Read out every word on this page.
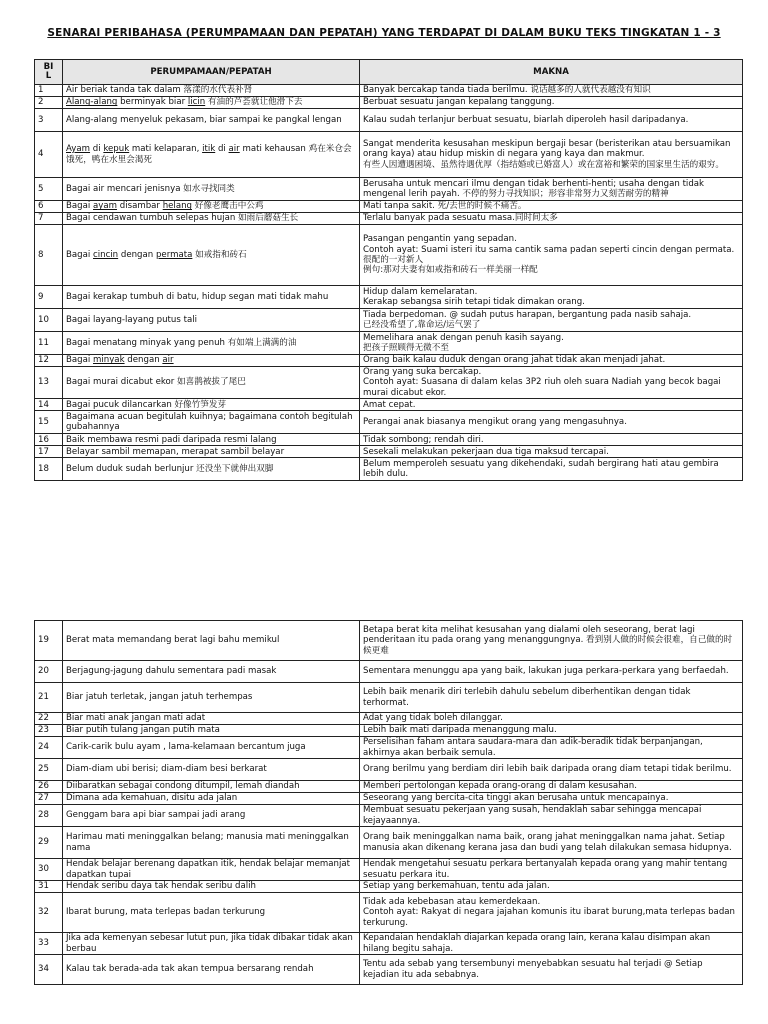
SENARAI PERIBAHASA (PERUMPAMAAN DAN PEPATAH) YANG TERDAPAT DI DALAM BUKU TEKS TINGKATAN 1 - 3
BI
L	PERUMPAMAAN/PEPATAH	MAKNA
1	Air beriak tanda tak dalam 落漾的水代表补肾	Banyak bercakap tanda tiada berilmu. 说话越多的人就代表越没有知识

2	Alang-alang berminyak biar licin 有油的芦荟就让他滑下去	Berbuat sesuatu jangan kepalang tanggung.

3	Alang-alang menyeluk pekasam, biar sampai ke pangkal lengan	Kalau sudah terlanjur berbuat sesuatu, biarlah diperoleh hasil daripadanya.

4	Ayam di kepuk mati kelaparan, itik di air mati kehausan 鸡在米仓会饿死，鸭在水里会渴死	Sangat menderita kesusahan meskipun bergaji besar (beristerikan atau bersuamikan orang kaya) atau hidup miskin di negara yang kaya dan makmur.
有些人因遭遇困境、虽然待遇优厚（指结婚或已婚富人）或在富裕和繁荣的国家里生活的艰穷。

5	Bagai air mencari jenisnya 如水寻找同类	Berusaha untuk mencari ilmu dengan tidak berhenti-henti; usaha dengan tidak mengenal lerih payah. 不停的努力寻找知识；形容非常努力又刻苦耐劳的精神

6	Bagai ayam disambar helang 好像老鹰击中公鸡	Mati tanpa sakit. 死/去世的时候不痛苦。

7	Bagai cendawan tumbuh selepas hujan 如雨后蘑菇生长	Terlalu banyak pada sesuatu masa.同时间太多

8	Bagai cincin dengan permata 如戒指和砖石	Pasangan pengantin yang sepadan.
Contoh ayat: Suami isteri itu sama cantik sama padan seperti cincin dengan permata.
很配的一对新人
例句:那对夫妻有如戒指和砖石一样美丽一样配

9	Bagai kerakap tumbuh di batu, hidup segan mati tidak mahu	Hidup dalam kemelaratan.
Kerakap sebangsa sirih tetapi tidak dimakan orang.

10	Bagai layang-layang putus tali	Tiada berpedoman. @ sudah putus harapan, bergantung pada nasib sahaja.
已经没希望了,靠命运/运气罢了

11	Bagai menatang minyak yang penuh 有如端上满满的油	Memelihara anak dengan penuh kasih sayang.
把孩子照顾得无微不至

12	Bagai minyak dengan air	Orang baik kalau duduk dengan orang jahat tidak akan menjadi jahat.

13	Bagai murai dicabut ekor 如喜鹊被拔了尾巴	Orang yang suka bercakap.
Contoh ayat: Suasana di dalam kelas 3P2 riuh oleh suara Nadiah yang becok bagai murai dicabut ekor.

14	Bagai pucuk dilancarkan 好像竹笋发芽	Amat cepat.

15	Bagaimana acuan begitulah kuihnya; bagaimana contoh begitulah gubahannya	Perangai anak biasanya mengikut orang yang mengasuhnya.

16	Baik membawa resmi padi daripada resmi lalang	Tidak sombong; rendah diri.

17	Belayar sambil memapan, merapat sambil belayar	Sesekali melakukan pekerjaan dua tiga maksud tercapai.

18	Belum duduk sudah berlunjur 还没坐下就伸出双脚	Belum memperoleh sesuatu yang dikehendaki, sudah bergirang hati atau gembira lebih dulu.
19	Berat mata memandang berat lagi bahu memikul	Betapa berat kita melihat kesusahan yang dialami oleh seseorang, berat lagi penderitaan itu pada orang yang menanggungnya. 看到别人做的时候会很难，自己做的时候更难

20	Berjagung-jagung dahulu sementara padi masak	Sementara menunggu apa yang baik, lakukan juga perkara-perkara yang berfaedah.

21	Biar jatuh terletak, jangan jatuh terhempas	Lebih baik menarik diri terlebih dahulu sebelum diberhentikan dengan tidak terhormat.

22	Biar mati anak jangan mati adat	Adat yang tidak boleh dilanggar.

23	Biar putih tulang jangan putih mata	Lebih baik mati daripada menanggung malu.

24	Carik-carik bulu ayam , lama-kelamaan bercantum juga	Perselisihan faham antara saudara-mara dan adik-beradik tidak berpanjangan, akhirnya akan berbaik semula.

25	Diam-diam ubi berisi; diam-diam besi berkarat	Orang berilmu yang berdiam diri lebih baik daripada orang diam tetapi tidak berilmu.

26	Diibaratkan sebagai condong ditumpil, lemah diandah	Memberi pertolongan kepada orang-orang di dalam kesusahan.

27	Dimana ada kemahuan, disitu ada jalan	Seseorang yang bercita-cita tinggi akan berusaha untuk mencapainya.

28	Genggam bara api biar sampai jadi arang	Membuat sesuatu pekerjaan yang susah, hendaklah sabar sehingga mencapai kejayaannya.

29	Harimau mati meninggalkan belang; manusia mati meninggalkan nama	Orang baik meninggalkan nama baik, orang jahat meninggalkan nama jahat. Setiap manusia akan dikenang kerana jasa dan budi yang telah dilakukan semasa hidupnya.

30	Hendak belajar berenang dapatkan itik, hendak belajar memanjat dapatkan tupai	Hendak mengetahui sesuatu perkara bertanyalah kepada orang yang mahir tentang sesuatu perkara itu.

31	Hendak seribu daya tak hendak seribu dalih	Setiap yang berkemahuan, tentu ada jalan.

32	Ibarat burung, mata terlepas badan terkurung	Tidak ada kebebasan atau kemerdekaan.
Contoh ayat: Rakyat di negara jajahan komunis itu ibarat burung,mata terlepas badan terkurung.

33	Jika ada kemenyan sebesar lutut pun, jika tidak dibakar tidak akan berbau	Kepandaian hendaklah diajarkan kepada orang lain, kerana kalau disimpan akan hilang begitu sahaja.

34	Kalau tak berada-ada tak akan tempua bersarang rendah	Tentu ada sebab yang tersembunyi menyebabkan sesuatu hal terjadi @ Setiap kejadian itu ada sebabnya.
